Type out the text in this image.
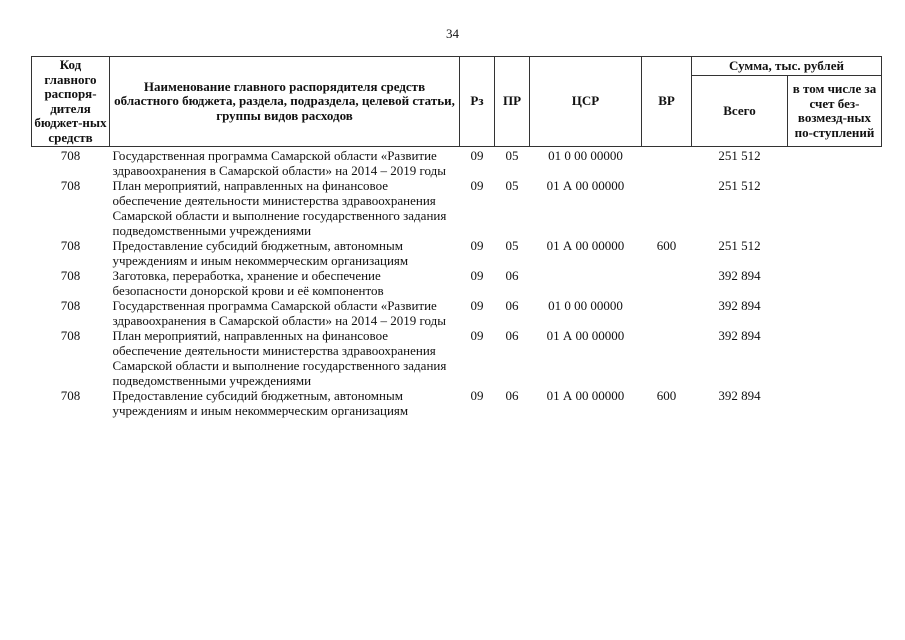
34
Код главного распоря-дителя бюджет-ных средств	Наименование главного распорядителя средств областного бюджета, раздела, подраздела, целевой статьи, группы видов расходов	Рз	ПР	ЦСР	ВР	Сумма, тыс. рублей	
						Всего	в том числе за счет без-возмезд-ных по-ступлений
708	Государственная программа Самарской области «Развитие здравоохранения в Самарской области» на 2014 – 2019 годы	09	05	01 0 00 00000		251 512	
708	План мероприятий, направленных на финансовое обеспечение деятельности министерства здравоохранения Самарской области и выполнение государственного задания подведомственными учреждениями	09	05	01 А 00 00000		251 512	
708	Предоставление субсидий бюджетным, автономным учреждениям и иным некоммерческим организациям	09	05	01 А 00 00000	600	251 512	
708	Заготовка, переработка, хранение и обеспечение безопасности донорской крови и её компонентов	09	06			392 894	
708	Государственная программа Самарской области «Развитие здравоохранения в Самарской области» на 2014 – 2019 годы	09	06	01 0 00 00000		392 894	
708	План мероприятий, направленных на финансовое обеспечение деятельности министерства здравоохранения Самарской области и выполнение государственного задания подведомственными учреждениями	09	06	01 А 00 00000		392 894	
708	Предоставление субсидий бюджетным, автономным учреждениям и иным некоммерческим организациям	09	06	01 А 00 00000	600	392 894	
